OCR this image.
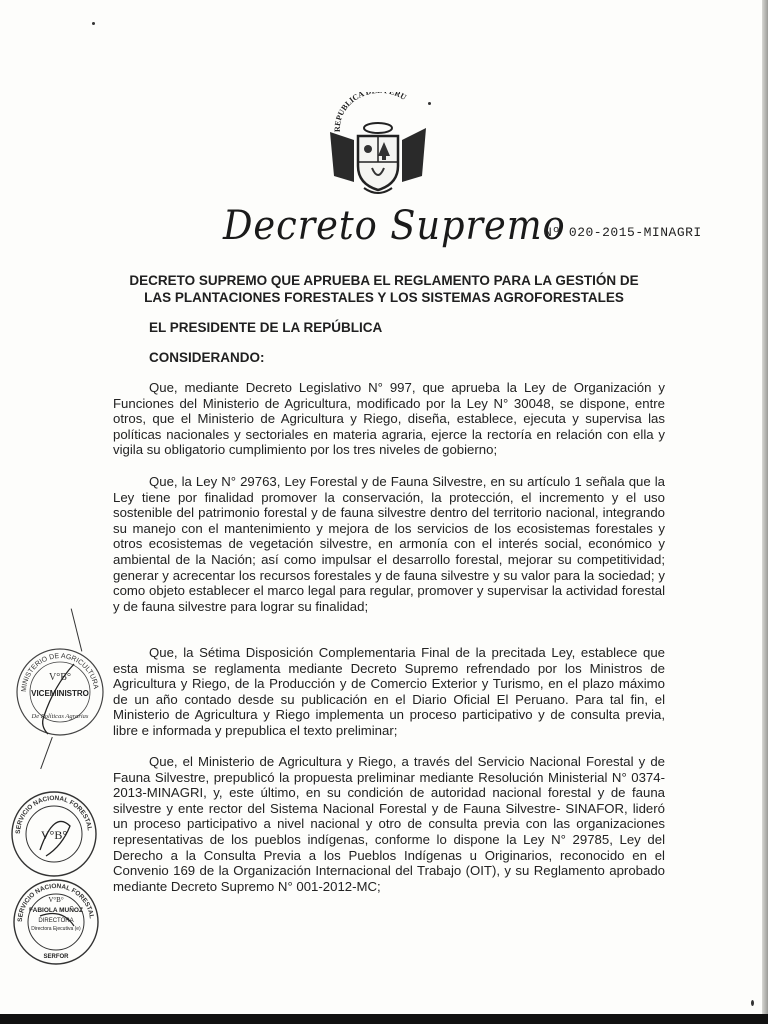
REPUBLICA RU
Decreto Supremo
Nº 020-2015-MINAGRI
DECRETO SUPREMO QUE APRUEBA EL REGLAMENTO PARA LA GESTIÓN DE
LAS PLANTACIONES FORESTALES Y LOS SISTEMAS AGROFORESTALES
EL PRESIDENTE DE LA REPÚBLICA
CONSIDERANDO:

Que, mediante Decreto Legislativo N° 997, que aprueba la Ley de Organización y Funciones del Ministerio de Agricultura, modificado por la Ley N° 30048, se dispone, entre otros, que el Ministerio de Agricultura y Riego, diseña, establece, ejecuta y supervisa las políticas nacionales y sectoriales en materia agraria, ejerce la rectoría en relación con ella y vigila su obligatorio cumplimiento por los tres niveles de gobierno;

Que, la Ley N° 29763, Ley Forestal y de Fauna Silvestre, en su artículo 1 señala que la Ley tiene por finalidad promover la conservación, la protección, el incremento y el uso sostenible del patrimonio forestal y de fauna silvestre dentro del territorio nacional, integrando su manejo con el mantenimiento y mejora de los servicios de los ecosistemas forestales y otros ecosistemas de vegetación silvestre, en armonía con el interés social, económico y ambiental de la Nación; así como impulsar el desarrollo forestal, mejorar su competitividad; generar y acrecentar los recursos forestales y de fauna silvestre y su valor para la sociedad; y como objeto establecer el marco legal para regular, promover y supervisar la actividad forestal y de fauna silvestre para lograr su finalidad;

Que, la Sétima Disposición Complementaria Final de la precitada Ley, establece que esta misma se reglamenta mediante Decreto Supremo refrendado por los Ministros de Agricultura y Riego, de la Producción y de Comercio Exterior y Turismo, en el plazo máximo de un año contado desde su publicación en el Diario Oficial El Peruano. Para tal fin, el Ministerio de Agricultura y Riego implementa un proceso participativo y de consulta previa, libre e informada y prepublica el texto preliminar;

Que, el Ministerio de Agricultura y Riego, a través del Servicio Nacional Forestal y de Fauna Silvestre, prepublicó la propuesta preliminar mediante Resolución Ministerial N° 0374-2013-MINAGRI, y, este último, en su condición de autoridad nacional forestal y de fauna silvestre y ente rector del Sistema Nacional Forestal y de Fauna Silvestre- SINAFOR, lideró un proceso participativo a nivel nacional y otro de consulta previa con las organizaciones representativas de los pueblos indígenas, conforme lo dispone la Ley N° 29785, Ley del Derecho a la Consulta Previa a los Pueblos Indígenas u Originarios, reconocido en el Convenio 169 de la Organización Internacional del Trabajo (OIT), y su Reglamento aprobado mediante Decreto Supremo N° 001-2012-MC;

MINISTERIO DE AGRICULTURA
V°B°
VICEMINISTRO
De Políticas Agrarias
SERVICIO NACIONAL FORESTAL
V°B°
SERVICIO NACIONAL FORESTAL
V°B°
FABIOLA MUÑOZ
DIRECTORA
Directora Ejecutiva (e)
SERFOR
